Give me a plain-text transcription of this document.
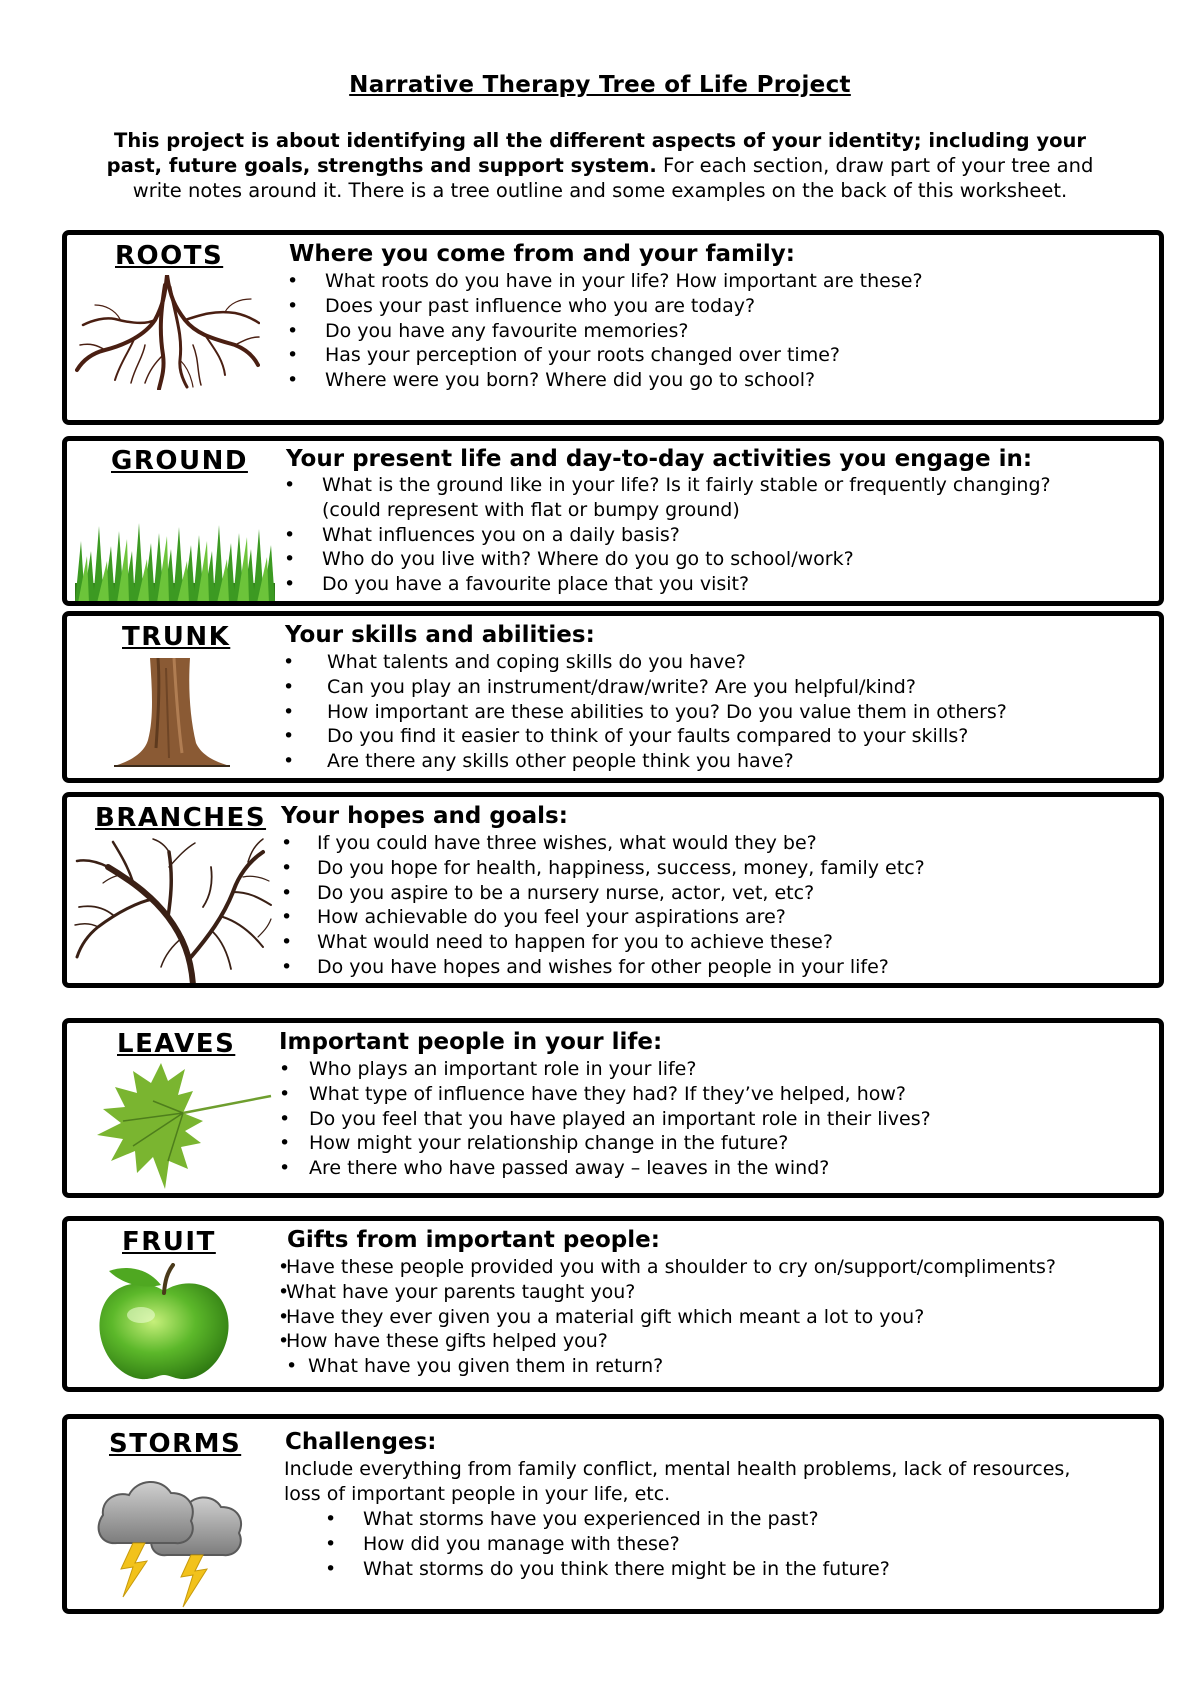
Narrative Therapy Tree of Life Project
This project is about identifying all the different aspects of your identity; including your past, future goals, strengths and support system. For each section, draw part of your tree and write notes around it. There is a tree outline and some examples on the back of this worksheet.
ROOTS	Where you come from and your family:
• What roots do you have in your life? How important are these?
• Does your past influence who you are today?
• Do you have any favourite memories?
• Has your perception of your roots changed over time?
• Where were you born? Where did you go to school?
GROUND Your present life and day-to-day activities you engage in:
• What is the ground like in your life? Is it fairly stable or frequently changing?
(could represent with flat or bumpy ground)
• What influences you on a daily basis?
• Who do you live with? Where do you go to school/work?
• Do you have a favourite place that you visit?
TRUNK Your skills and abilities:
• What talents and coping skills do you have?
• Can you play an instrument/draw/write? Are you helpful/kind?
• How important are these abilities to you? Do you value them in others?
• Do you find it easier to think of your faults compared to your skills?
• Are there any skills other people think you have?
BRANCHES Your hopes and goals:
• If you could have three wishes, what would they be?
• Do you hope for health, happiness, success, money, family etc?
• Do you aspire to be a nursery nurse, actor, vet, etc?
• How achievable do you feel your aspirations are?
• What would need to happen for you to achieve these?
• Do you have hopes and wishes for other people in your life?
LEAVES Important people in your life:
• Who plays an important role in your life?
• What type of influence have they had? If they’ve helped, how?
• Do you feel that you have played an important role in their lives?
• How might your relationship change in the future?
• Are there who have passed away – leaves in the wind?
FRUIT	Gifts from important people:
•
Have these people provided you with a shoulder to cry on/support/compliments?
•
What have your parents taught you?
•
Have they ever given you a material gift which meant a lot to you?
•
How have these gifts helped you?
• What have you given them in return?
STORMS Challenges:
Include everything from family conflict, mental health problems, lack of resources,
loss of important people in your life, etc.
• What storms have you experienced in the past?
• How did you manage with these?
• What storms do you think there might be in the future?
